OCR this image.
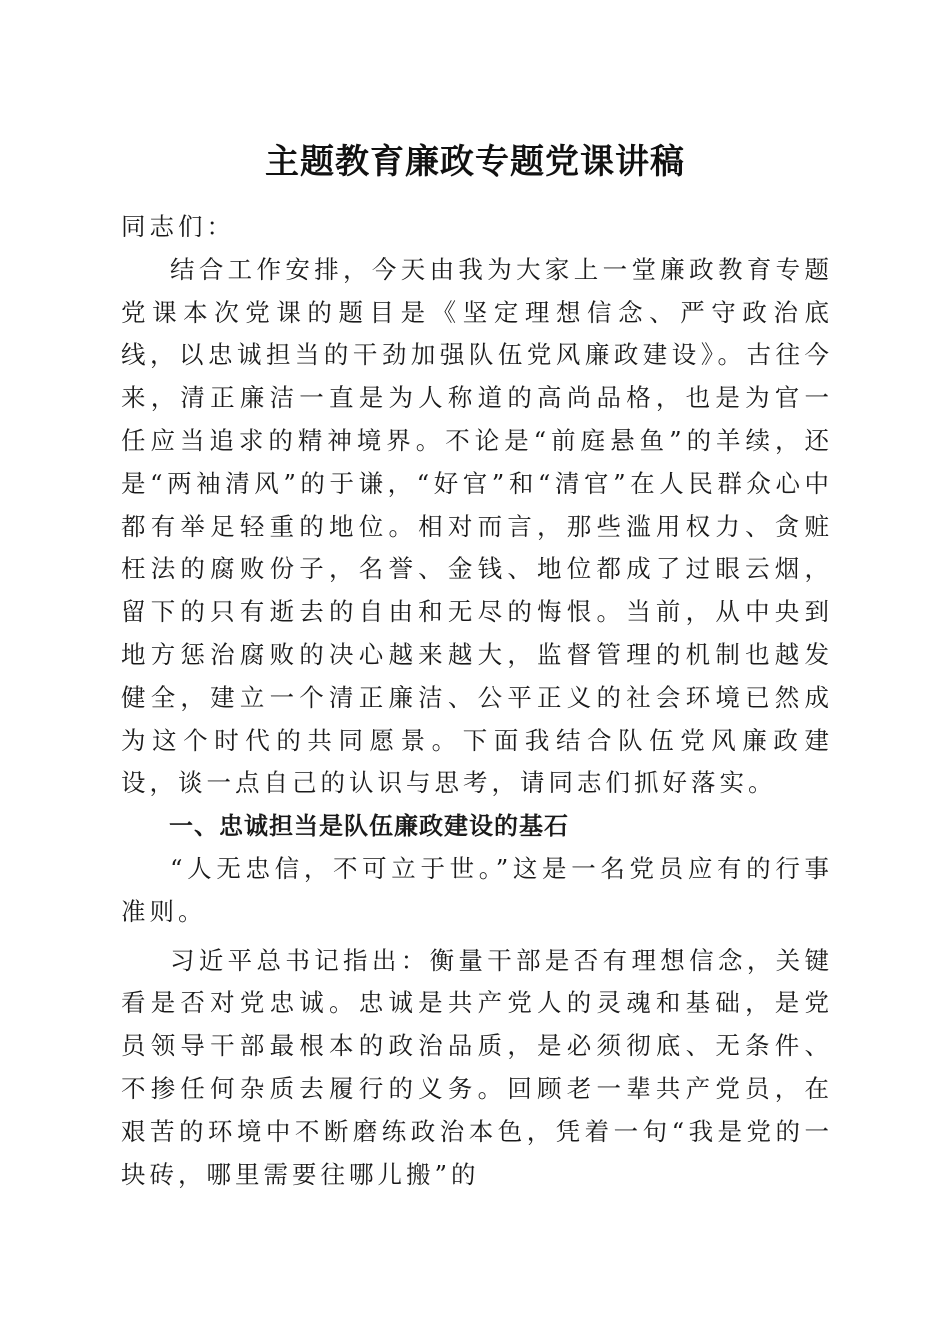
主题教育廉政专题党课讲稿

同志们：

结合工作安排，今天由我为大家上一堂廉政教育专题党课本次党课的题目是《坚定理想信念、严守政治底线，以忠诚担当的干劲加强队伍党风廉政建设》。古往今来，清正廉洁一直是为人称道的高尚品格，也是为官一任应当追求的精神境界。不论是“前庭悬鱼”的羊续，还是“两袖清风”的于谦，“好官”和“清官”在人民群众心中都有举足轻重的地位。相对而言，那些滥用权力、贪赃枉法的腐败份子，名誉、金钱、地位都成了过眼云烟，留下的只有逝去的自由和无尽的悔恨。当前，从中央到地方惩治腐败的决心越来越大，监督管理的机制也越发健全，建立一个清正廉洁、公平正义的社会环境已然成为这个时代的共同愿景。下面我结合队伍党风廉政建设，谈一点自己的认识与思考，请同志们抓好落实。

一、忠诚担当是队伍廉政建设的基石

“人无忠信，不可立于世。”这是一名党员应有的行事准则。

习近平总书记指出：衡量干部是否有理想信念，关键看是否对党忠诚。忠诚是共产党人的灵魂和基础，是党员领导干部最根本的政治品质，是必须彻底、无条件、不掺任何杂质去履行的义务。回顾老一辈共产党员，在艰苦的环境中不断磨练政治本色，凭着一句“我是党的一块砖，哪里需要往哪儿搬”的
